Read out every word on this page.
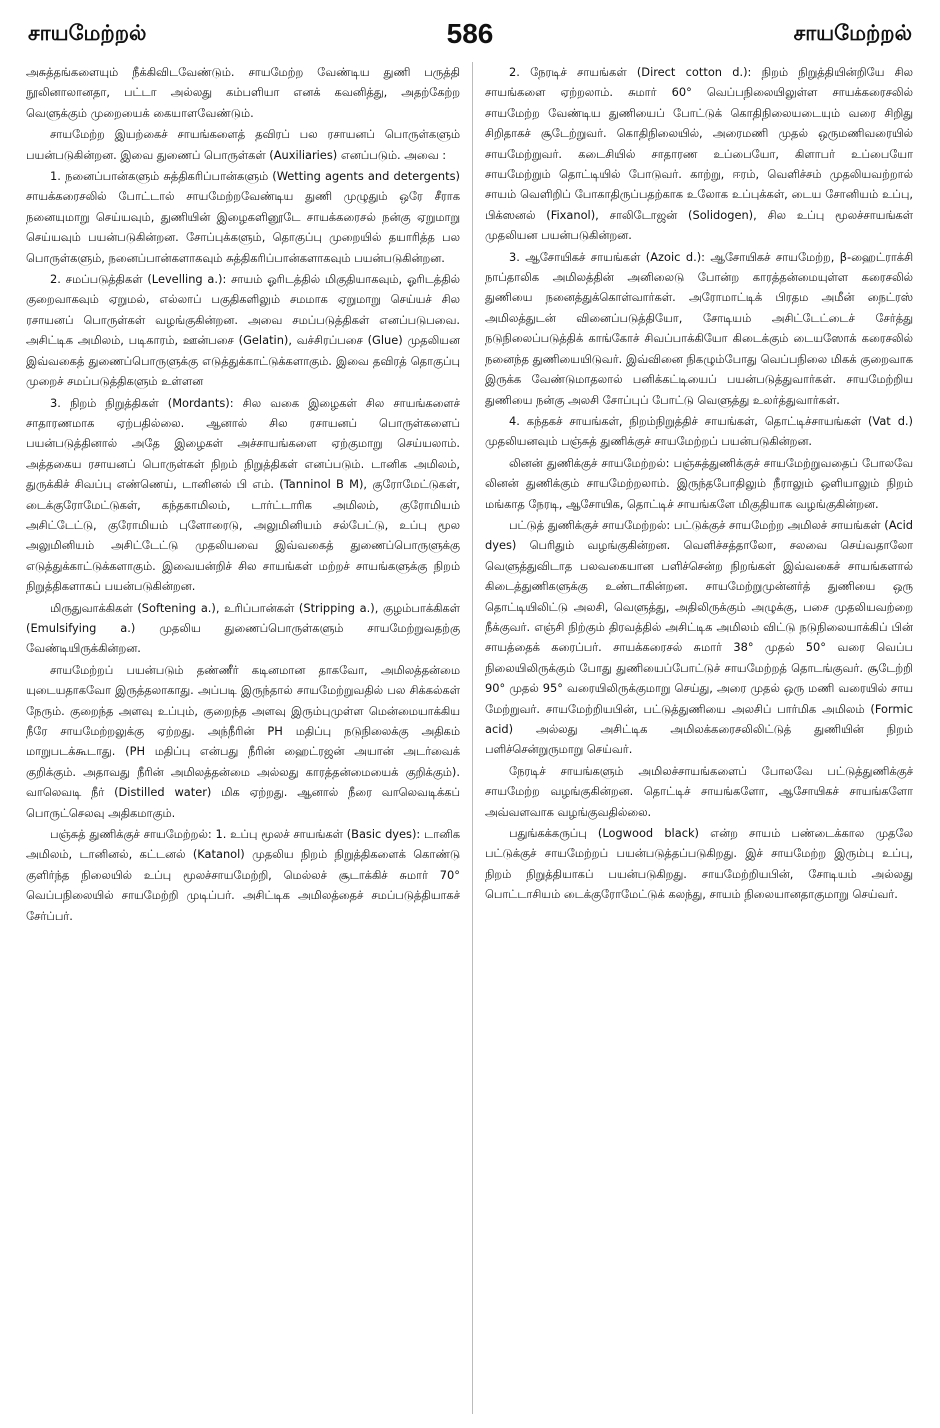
சாயமேற்றல்	586	சாயமேற்றல்

அசுத்தங்களையும் நீக்கிவிடவேண்டும். சாயமேற்ற வேண்டிய துணி பருத்தி நூலினாலானதா, பட்டா அல்லது கம்பளியா எனக் கவனித்து, அதற்கேற்ற வெளுக்கும் முறையைக் கையாளவேண்டும்.

சாயமேற்ற இயற்கைச் சாயங்களைத் தவிரப் பல ரசாயனப் பொருள்களும் பயன்படுகின்றன. இவை துணைப் பொருள்கள் (Auxiliaries) எனப்படும். அவை :

1. நனைப்பான்களும் சுத்திகரிப்பான்களும் (Wetting agents and detergents) சாயக்கரைசலில் போட்டால் சாயமேற்றவேண்டிய துணி முழுதும் ஒரே சீராக நனையுமாறு செய்யவும், துணியின் இழைகளினூடே சாயக்கரைசல் நன்கு ஏறுமாறு செய்யவும் பயன்படுகின்றன. சோப்புக்களும், தொகுப்பு முறையில் தயாரித்த பல பொருள்களும், நனைப்பான்களாகவும் சுத்திகரிப்பான்களாகவும் பயன்படுகின்றன.

2. சமப்படுத்திகள் (Levelling a.): சாயம் ஓரிடத்தில் மிகுதியாகவும், ஓரிடத்தில் குறைவாகவும் ஏறுமல், எல்லாப் பகுதிகளிலும் சமமாக ஏறுமாறு செய்யச் சில ரசாயனப் பொருள்கள் வழங்குகின்றன. அவை சமப்படுத்திகள் எனப்படுபவை. அசிட்டிக அமிலம், படிகாரம், ஊன்பசை (Gelatin), வச்சிரப்பசை (Glue) முதலியன இவ்வகைத் துணைப்பொருளுக்கு எடுத்துக்காட்டுக்களாகும். இவை தவிரத் தொகுப்பு முறைச் சமப்படுத்திகளும் உள்ளன

3. நிறம் நிறுத்திகள் (Mordants): சில வகை இழைகள் சில சாயங்களைச் சாதாரணமாக ஏற்பதில்லை. ஆனால் சில ரசாயனப் பொருள்களைப் பயன்படுத்தினால் அதே இழைகள் அச்சாயங்களை ஏற்குமாறு செய்யலாம். அத்தகைய ரசாயனப் பொருள்கள் நிறம் நிறுத்திகள் எனப்படும். டானிக அமிலம், துருக்கிச் சிவப்பு எண்ணெய், டானினல் பி எம். (Tanninol B M), குரோமேட்டுகள், டைக்குரோமேட்டுகள், கந்தகாமிலம், டார்ட்டாரிக அமிலம், குரோமியம் அசிட்டேட்டு, குரோமியம் புளோரைடு, அலுமினியம் சல்பேட்டு, உப்பு மூல அலுமினியம் அசிட்டேட்டு முதலியவை இவ்வகைத் துணைப்பொருளுக்கு எடுத்துக்காட்டுக்களாகும். இவையன்றிச் சில சாயங்கள் மற்றச் சாயங்களுக்கு நிறம் நிறுத்திகளாகப் பயன்படுகின்றன.

மிருதுவாக்கிகள் (Softening a.), உரிப்பான்கள் (Stripping a.), குழம்பாக்கிகள் (Emulsifying a.) முதலிய துணைப்பொருள்களும் சாயமேற்றுவதற்கு வேண்டியிருக்கின்றன.

சாயமேற்றப் பயன்படும் தண்ணீர் கடினமான தாகவோ, அமிலத்தன்மை யுடையதாகவோ இருத்தலாகாது. அப்படி இருந்தால் சாயமேற்றுவதில் பல சிக்கல்கள் நேரும். குறைந்த அளவு உப்பும், குறைந்த அளவு இரும்புமுள்ள மென்மையாக்கிய நீரே சாயமேற்றலுக்கு ஏற்றது. அந்நீரின் PH மதிப்பு நடுநிலைக்கு அதிகம் மாறுபடக்கூடாது. (PH மதிப்பு என்பது நீரின் ஹைட்ரஜன் அயான் அடர்வைக் குறிக்கும். அதாவது நீரின் அமிலத்தன்மை அல்லது காரத்தன்மையைக் குறிக்கும்). வாலெவடி நீர் (Distilled water) மிக ஏற்றது. ஆனால் நீரை வாலெவடிக்கப் பொருட்செலவு அதிகமாகும்.

பஞ்சுத் துணிக்குச் சாயமேற்றல்: 1. உப்பு மூலச் சாயங்கள் (Basic dyes): டானிக அமிலம், டானினல், கட்டனல் (Katanol) முதலிய நிறம் நிறுத்திகளைக் கொண்டு குளிர்ந்த நிலையில் உப்பு மூலச்சாயமேற்றி, மெல்லச் சூடாக்கிச் சுமார் 70° வெப்பநிலையில் சாயமேற்றி முடிப்பர். அசிட்டிக அமிலத்தைச் சமப்படுத்தியாகச் சேர்ப்பர்.

2. நேரடிச் சாயங்கள் (Direct cotton d.): நிறம் நிறுத்தியின்றியே சில சாயங்களை ஏற்றலாம். சுமார் 60° வெப்பநிலையிலுள்ள சாயக்கரைசலில் சாயமேற்ற வேண்டிய துணியைப் போட்டுக் கொதிநிலையடையும் வரை சிறிது சிறிதாகச் சூடேற்றுவர். கொதிநிலையில், அரைமணி முதல் ஒருமணிவரையில் சாயமேற்றுவர். கடைசியில் சாதாரண உப்பையோ, கிளாபர் உப்பையோ சாயமேற்றும் தொட்டியில் போடுவர். காற்று, ஈரம், வெளிச்சம் முதலியவற்றால் சாயம் வெளிறிப் போகாதிருப்பதற்காக உலோக உப்புக்கள், டைய சோனியம் உப்பு, பிக்ஸனல் (Fixanol), சாலிடோஜன் (Solidogen), சில உப்பு மூலச்சாயங்கள் முதலியன பயன்படுகின்றன.

3. ஆசோயிகச் சாயங்கள் (Azoic d.): ஆசோயிகச் சாயமேற்ற, β-ஹைட்ராக்சி நாப்தாலிக அமிலத்தின் அனிலைடு போன்ற காரத்தன்மையுள்ள கரைசலில் துணியை நனைத்துக்கொள்வார்கள். அரோமாட்டிக் பிரதம அமீன் நைட்ரஸ் அமிலத்துடன் வினைப்படுத்தியோ, சோடியம் அசிட்டேட்டைச் சேர்த்து நடுநிலைப்படுத்திக் காங்கோச் சிவப்பாக்கியோ கிடைக்கும் டையஸோக் கரைசலில் நனைந்த துணியையிடுவர். இவ்வினை நிகழும்போது வெப்பநிலை மிகக் குறைவாக இருக்க வேண்டுமாதலால் பனிக்கட்டியைப் பயன்படுத்துவார்கள். சாயமேற்றிய துணியை நன்கு அலசி சோப்புப் போட்டு வெளுத்து உலர்த்துவார்கள்.

4. கந்தகச் சாயங்கள், நிறம்நிறுத்திச் சாயங்கள், தொட்டிச்சாயங்கள் (Vat d.) முதலியனவும் பஞ்சுத் துணிக்குச் சாயமேற்றப் பயன்படுகின்றன.

லினன் துணிக்குச் சாயமேற்றல்: பஞ்சுத்துணிக்குச் சாயமேற்றுவதைப் போலவே லினன் துணிக்கும் சாயமேற்றலாம். இருந்தபோதிலும் நீராலும் ஒளியாலும் நிறம் மங்காத நேரடி, ஆசோயிக, தொட்டிச் சாயங்களே மிகுதியாக வழங்குகின்றன.

பட்டுத் துணிக்குச் சாயமேற்றல்: பட்டுக்குச் சாயமேற்ற அமிலச் சாயங்கள் (Acid dyes) பெரிதும் வழங்குகின்றன. வெளிச்சத்தாலோ, சலவை செய்வதாலோ வெளுத்துவிடாத பலவகையான பளிச்சென்ற நிறங்கள் இவ்வகைச் சாயங்களால் கிடைத்துணிகளுக்கு உண்டாகின்றன. சாயமேற்றுமுன்னர்த் துணியை ஒரு தொட்டியிலிட்டு அலசி, வெளுத்து, அதிலிருக்கும் அழுக்கு, பசை முதலியவற்றை நீக்குவர். எஞ்சி நிற்கும் திரவத்தில் அசிட்டிக அமிலம் விட்டு நடுநிலையாக்கிப் பின் சாயத்தைக் கரைப்பர். சாயக்கரைசல் சுமார் 38° முதல் 50° வரை வெப்ப நிலையிலிருக்கும் போது துணியைப்போட்டுச் சாயமேற்றத் தொடங்குவர். சூடேற்றி 90° முதல் 95° வரையிலிருக்குமாறு செய்து, அரை முதல் ஒரு மணி வரையில் சாய மேற்றுவர். சாயமேற்றியபின், பட்டுத்துணியை அலசிப் பார்மிக அமிலம் (Formic acid) அல்லது அசிட்டிக அமிலக்கரைசலிலிட்டுத் துணியின் நிறம் பளிச்சென்றுருமாறு செய்வர்.

நேரடிச் சாயங்களும் அமிலச்சாயங்களைப் போலவே பட்டுத்துணிக்குச் சாயமேற்ற வழங்குகின்றன. தொட்டிச் சாயங்களோ, ஆசோயிகச் சாயங்களோ அவ்வளவாக வழங்குவதில்லை.

பதுங்கக்கருப்பு (Logwood black) என்ற சாயம் பண்டைக்கால முதலே பட்டுக்குச் சாயமேற்றப் பயன்படுத்தப்படுகிறது. இச் சாயமேற்ற இரும்பு உப்பு, நிறம் நிறுத்தியாகப் பயன்படுகிறது. சாயமேற்றியபின், சோடியம் அல்லது பொட்டாசியம் டைக்குரோமேட்டுக் கலந்து, சாயம் நிலையானதாகுமாறு செய்வர்.
